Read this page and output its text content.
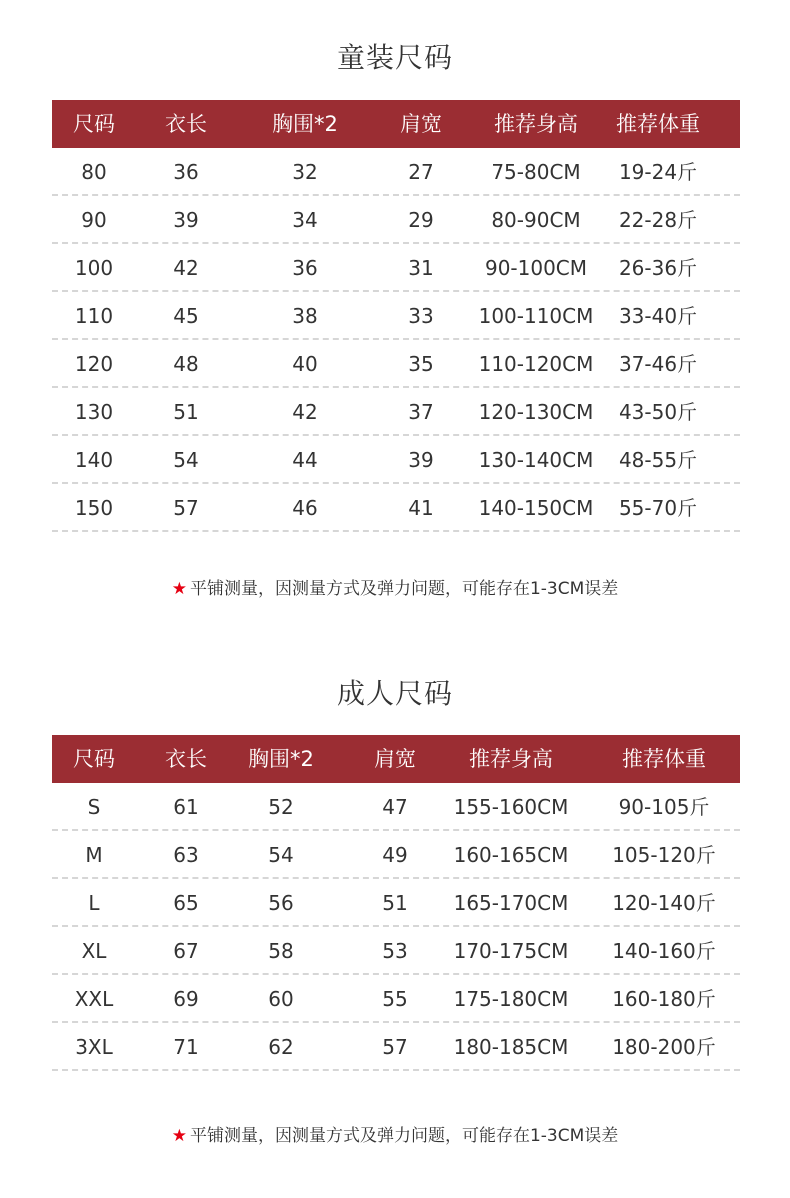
童装尺码
尺码	衣长	胸围*2	肩宽	推荐身高	推荐体重
80	36	32	27	75-80CM	19-24斤
90	39	34	29	80-90CM	22-28斤
100	42	36	31	90-100CM	26-36斤
110	45	38	33	100-110CM	33-40斤
120	48	40	35	110-120CM	37-46斤
130	51	42	37	120-130CM	43-50斤
140	54	44	39	130-140CM	48-55斤
150	57	46	41	140-150CM	55-70斤
★ 平铺测量，因测量方式及弹力问题，可能存在1-3CM误差
成人尺码
尺码	衣长	胸围*2	肩宽	推荐身高	推荐体重
S	61	52	47	155-160CM	90-105斤
M	63	54	49	160-165CM	105-120斤
L	65	56	51	165-170CM	120-140斤
XL	67	58	53	170-175CM	140-160斤
XXL	69	60	55	175-180CM	160-180斤
3XL	71	62	57	180-185CM	180-200斤
★ 平铺测量，因测量方式及弹力问题，可能存在1-3CM误差
